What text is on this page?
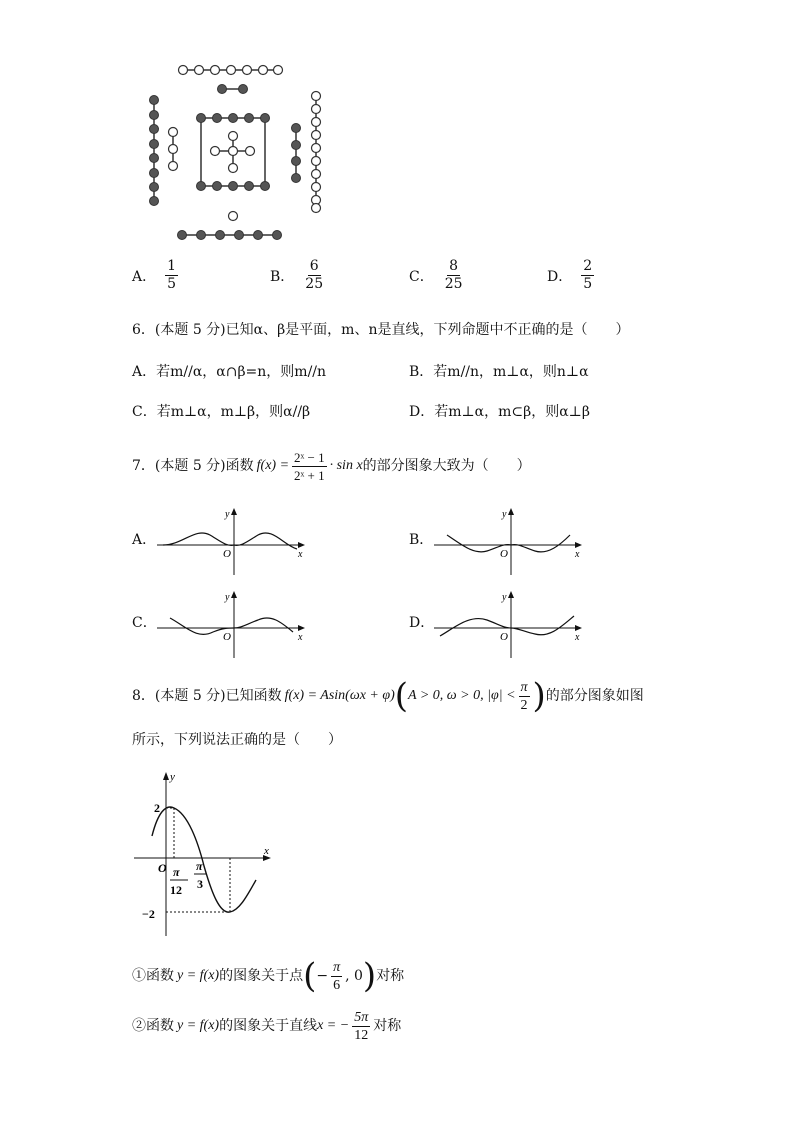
A． $\frac{1}{5}$	B． $\frac{6}{25}$	C． $\frac{8}{25}$	D． $\frac{2}{5}$
6．(本题 5 分)已知α、β是平面，m、n是直线，下列命题中不正确的是（　　）
A．若m//α，α∩β=n，则m//n	B．若m//n，m⊥α，则n⊥α
C．若m⊥α，m⊥β，则α//β	D．若m⊥α，m⊂β，则α⊥β
7．(本题 5 分)函数 $f(x) = \frac{\text{2ˣ − 1}}{\text{2ˣ + 1}} \cdot \sin x$ 的部分图象大致为（　　）
A．
y
O	x
B．
y
O	x
C．
y
O	x
D．
y
O	x
8．(本题 5 分)已知函数 f(x) = Asin(ωx + φ) ( A > 0, ω > 0, $|\varphi| < \frac{\pi}{2}$ ) 的部分图象如图
所示，下列说法正确的是（　　）
y
x
2
−2
O π
12
π
3
①函数 y = f(x) 的图象关于点 ( − $\frac{\pi}{6}$ , 0 ) 对称
②函数 y = f(x) 的图象关于直线 x = − $\frac{5\pi}{12}$ 对称
